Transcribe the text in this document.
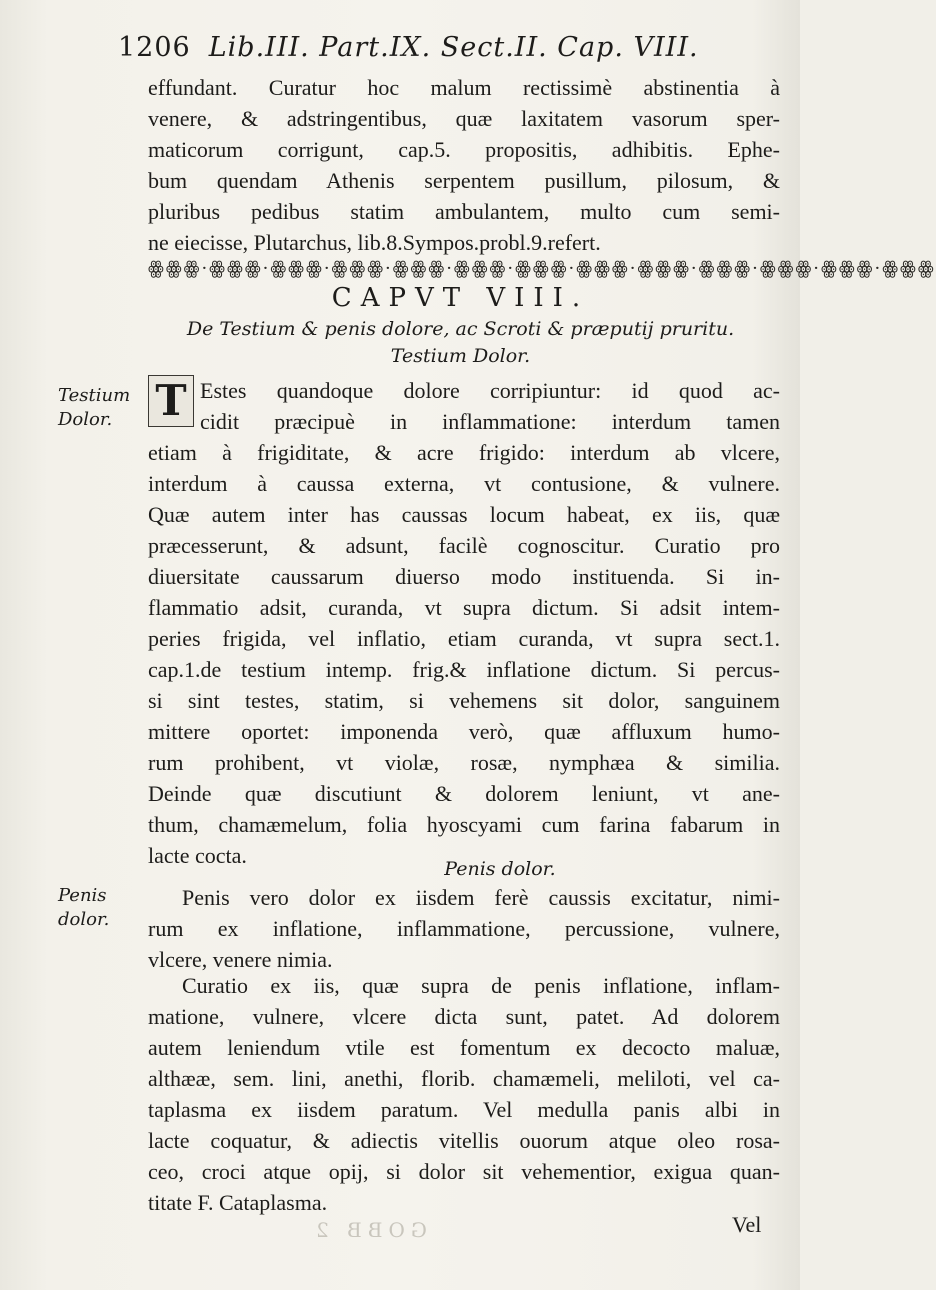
1206 Lib.III. Part.IX. Sect.II. Cap. VIII.
effundant. Curatur hoc malum rectissimè abstinentia à
venere, & adstringentibus, quæ laxitatem vasorum sper-
maticorum corrigunt, cap.5. propositis, adhibitis. Ephe-
bum quendam Athenis serpentem pusillum, pilosum, &
pluribus pedibus statim ambulantem, multo cum semi-
ne eiecisse, Plutarchus, lib.8.Sympos.probl.9.refert.
ꙮꙮꙮ·ꙮꙮꙮ·ꙮꙮꙮ·ꙮꙮꙮ·ꙮꙮꙮ·ꙮꙮꙮ·ꙮꙮꙮ·ꙮꙮꙮ·ꙮꙮꙮ·ꙮꙮꙮ·ꙮꙮꙮ·ꙮꙮꙮ·ꙮꙮꙮ
CAPVT VIII.
De Testium & penis dolore, ac Scroti & præputij pruritu.
Testium Dolor.
Testium Dolor.	T Estes quandoque dolore corripiuntur: id quod ac-
cidit præcipuè in inflammatione: interdum tamen
etiam à frigiditate, & acre frigido: interdum ab vlcere,
interdum à caussa externa, vt contusione, & vulnere.
Quæ autem inter has caussas locum habeat, ex iis, quæ
præcesserunt, & adsunt, facilè cognoscitur. Curatio pro
diuersitate caussarum diuerso modo instituenda. Si in-
flammatio adsit, curanda, vt supra dictum. Si adsit intem-
peries frigida, vel inflatio, etiam curanda, vt supra sect.1.
cap.1.de testium intemp. frig.& inflatione dictum. Si percus-
si sint testes, statim, si vehemens sit dolor, sanguinem
mittere oportet: imponenda verò, quæ affluxum humo-
rum prohibent, vt violæ, rosæ, nymphæa & similia.
Deinde quæ discutiunt & dolorem leniunt, vt ane-
thum, chamæmelum, folia hyoscyami cum farina fabarum in
lacte cocta.
Penis dolor.
Penis dolor.
Penis vero dolor ex iisdem ferè caussis excitatur, nimi-
rum ex inflatione, inflammatione, percussione, vulnere,
vlcere, venere nimia.
Curatio ex iis, quæ supra de penis inflatione, inflam-
matione, vulnere, vlcere dicta sunt, patet. Ad dolorem
autem leniendum vtile est fomentum ex decocto maluæ,
althææ, sem. lini, anethi, florib. chamæmeli, meliloti, vel ca-
taplasma ex iisdem paratum. Vel medulla panis albi in
lacte coquatur, & adiectis vitellis ouorum atque oleo rosa-
ceo, croci atque opij, si dolor sit vehementior, exigua quan-
titate F. Cataplasma.
GOBB 2	Vel
